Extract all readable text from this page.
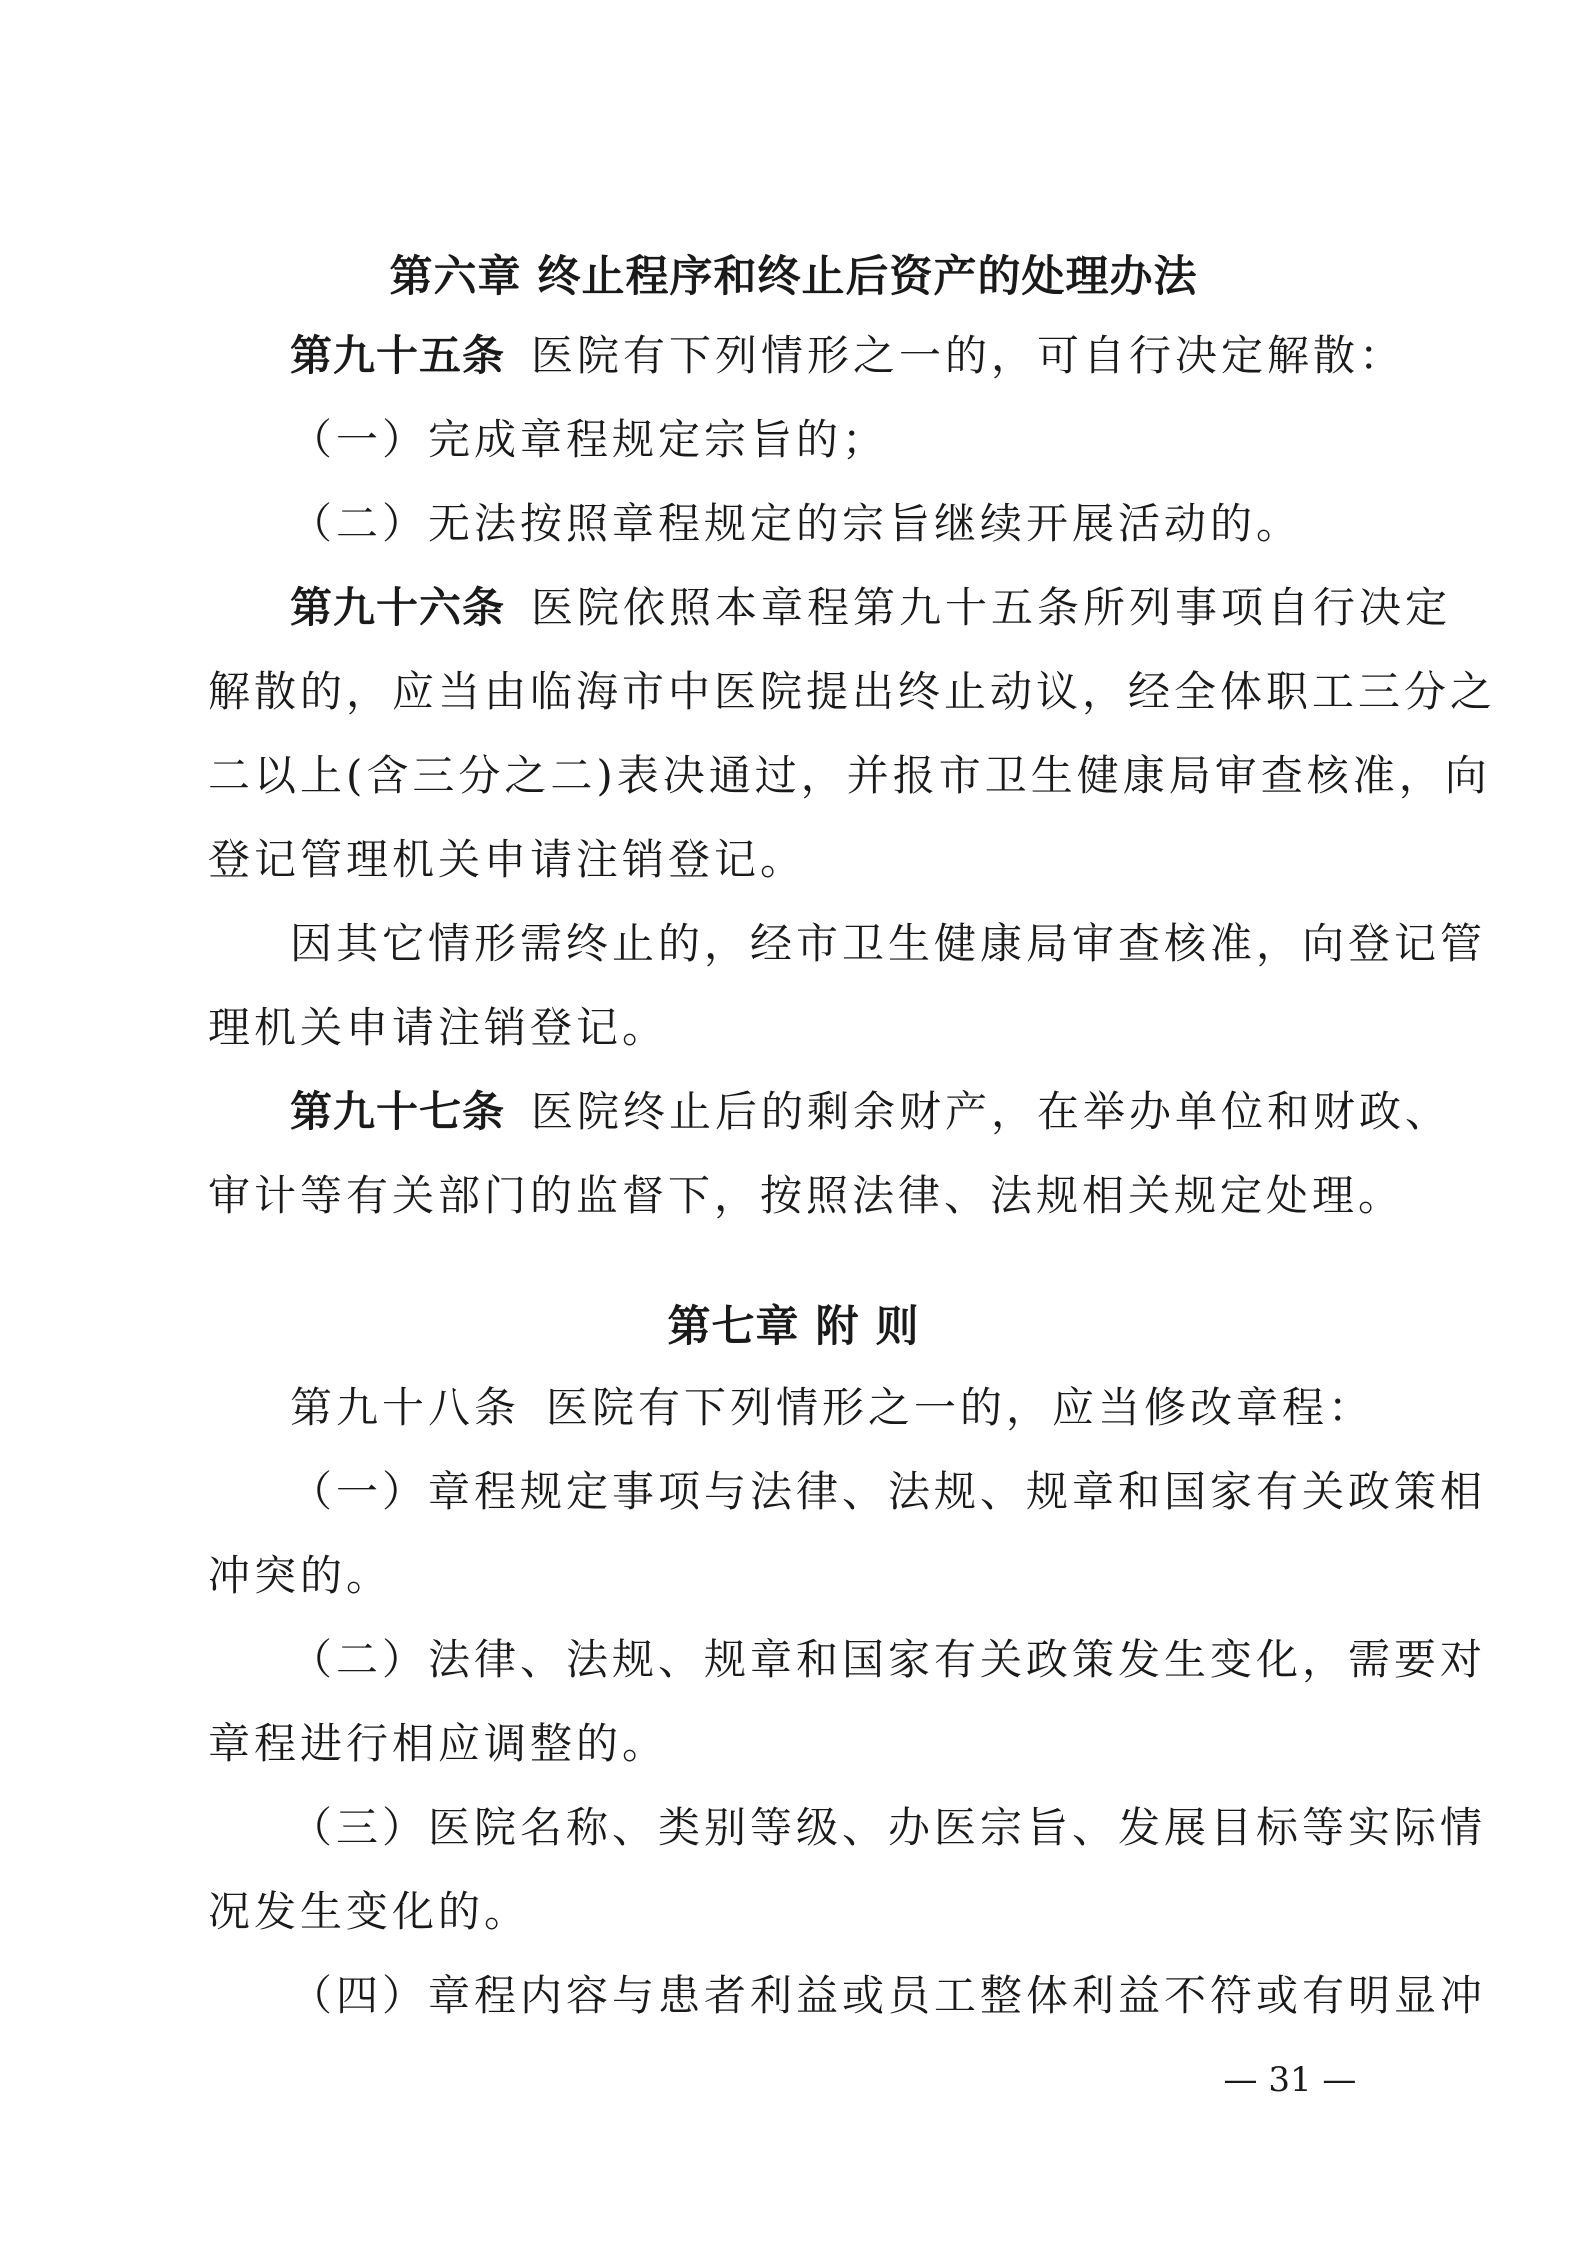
第六章 终止程序和终止后资产的处理办法
第九十五条 医院有下列情形之一的，可自行决定解散：
（一）完成章程规定宗旨的；
（二）无法按照章程规定的宗旨继续开展活动的。
第九十六条 医院依照本章程第九十五条所列事项自行决定
解散的，应当由临海市中医院提出终止动议，经全体职工三分之
二以上(含三分之二)表决通过，并报市卫生健康局审查核准，向
登记管理机关申请注销登记。
因其它情形需终止的，经市卫生健康局审查核准，向登记管
理机关申请注销登记。
第九十七条 医院终止后的剩余财产，在举办单位和财政、
审计等有关部门的监督下，按照法律、法规相关规定处理。
第七章 附 则
第九十八条 医院有下列情形之一的，应当修改章程：
（一）章程规定事项与法律、法规、规章和国家有关政策相
冲突的。
（二）法律、法规、规章和国家有关政策发生变化，需要对
章程进行相应调整的。
（三）医院名称、类别等级、办医宗旨、发展目标等实际情
况发生变化的。
（四）章程内容与患者利益或员工整体利益不符或有明显冲
— 31 —
